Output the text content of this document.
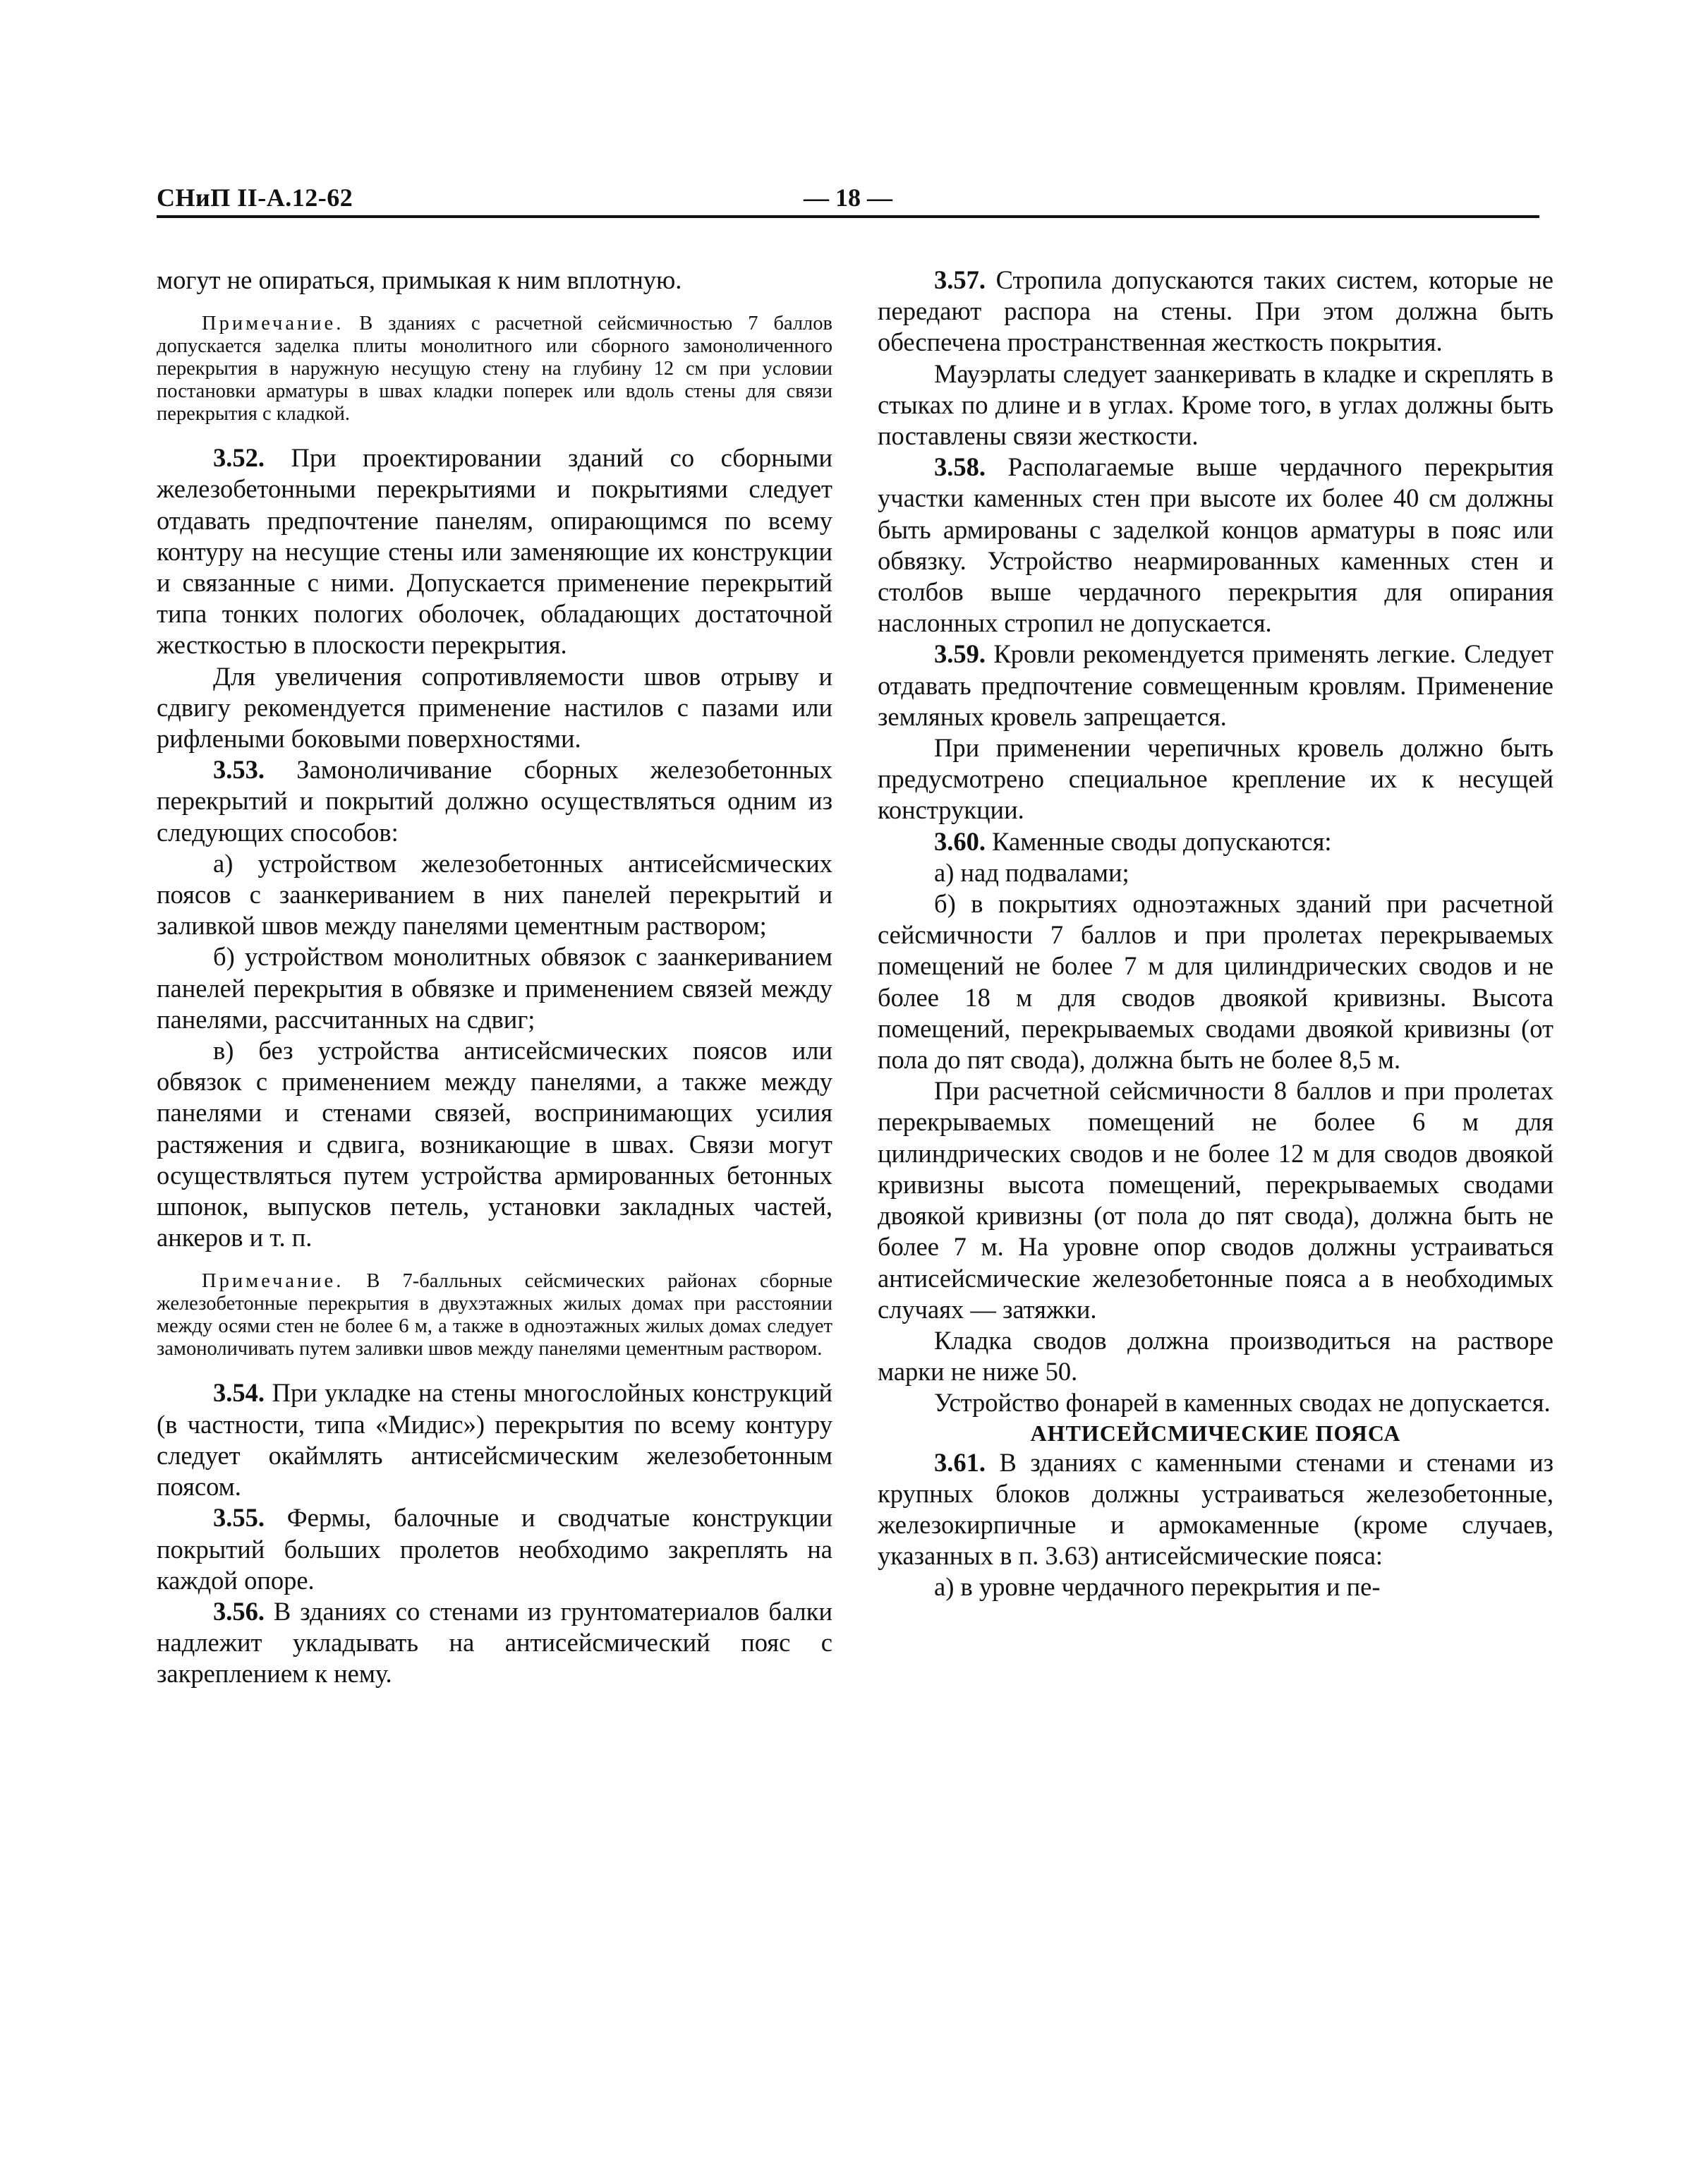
СНиП II-А.12-62	— 18 —

могут не опираться, примыкая к ним вплотную.

Примечание. В зданиях с расчетной сейсмичностью 7 баллов допускается заделка плиты монолитного или сборного замоноличенного перекрытия в наружную несущую стену на глубину 12 см при условии постановки арматуры в швах кладки поперек или вдоль стены для связи перекрытия с кладкой.

3.52. При проектировании зданий со сборными железобетонными перекрытиями и покрытиями следует отдавать предпочтение панелям, опирающимся по всему контуру на несущие стены или заменяющие их конструкции и связанные с ними. Допускается применение перекрытий типа тонких пологих оболочек, обладающих достаточной жесткостью в плоскости перекрытия.

Для увеличения сопротивляемости швов отрыву и сдвигу рекомендуется применение настилов с пазами или рифлеными боковыми поверхностями.

3.53. Замоноличивание сборных железобетонных перекрытий и покрытий должно осуществляться одним из следующих способов:

а) устройством железобетонных антисейсмических поясов с заанкериванием в них панелей перекрытий и заливкой швов между панелями цементным раствором;

б) устройством монолитных обвязок с заанкериванием панелей перекрытия в обвязке и применением связей между панелями, рассчитанных на сдвиг;

в) без устройства антисейсмических поясов или обвязок с применением между панелями, а также между панелями и стенами связей, воспринимающих усилия растяжения и сдвига, возникающие в швах. Связи могут осуществляться путем устройства армированных бетонных шпонок, выпусков петель, установки закладных частей, анкеров и т. п.

Примечание. В 7-балльных сейсмических районах сборные железобетонные перекрытия в двухэтажных жилых домах при расстоянии между осями стен не более 6 м, а также в одноэтажных жилых домах следует замоноличивать путем заливки швов между панелями цементным раствором.

3.54. При укладке на стены многослойных конструкций (в частности, типа «Мидис») перекрытия по всему контуру следует окаймлять антисейсмическим железобетонным поясом.

3.55. Фермы, балочные и сводчатые конструкции покрытий больших пролетов необходимо закреплять на каждой опоре.

3.56. В зданиях со стенами из грунтоматериалов балки надлежит укладывать на антисейсмический пояс с закреплением к нему.

3.57. Стропила допускаются таких систем, которые не передают распора на стены. При этом должна быть обеспечена пространственная жесткость покрытия.

Мауэрлаты следует заанкеривать в кладке и скреплять в стыках по длине и в углах. Кроме того, в углах должны быть поставлены связи жесткости.

3.58. Располагаемые выше чердачного перекрытия участки каменных стен при высоте их более 40 см должны быть армированы с заделкой концов арматуры в пояс или обвязку. Устройство неармированных каменных стен и столбов выше чердачного перекрытия для опирания наслонных стропил не допускается.

3.59. Кровли рекомендуется применять легкие. Следует отдавать предпочтение совмещенным кровлям. Применение земляных кровель запрещается.

При применении черепичных кровель должно быть предусмотрено специальное крепление их к несущей конструкции.

3.60. Каменные своды допускаются:

а) над подвалами;

б) в покрытиях одноэтажных зданий при расчетной сейсмичности 7 баллов и при пролетах перекрываемых помещений не более 7 м для цилиндрических сводов и не более 18 м для сводов двоякой кривизны. Высота помещений, перекрываемых сводами двоякой кривизны (от пола до пят свода), должна быть не более 8,5 м.

При расчетной сейсмичности 8 баллов и при пролетах перекрываемых помещений не более 6 м для цилиндрических сводов и не более 12 м для сводов двоякой кривизны высота помещений, перекрываемых сводами двоякой кривизны (от пола до пят свода), должна быть не более 7 м. На уровне опор сводов должны устраиваться антисейсмические железобетонные пояса а в необходимых случаях — затяжки.

Кладка сводов должна производиться на растворе марки не ниже 50.

Устройство фонарей в каменных сводах не допускается.

АНТИСЕЙСМИЧЕСКИЕ ПОЯСА

3.61. В зданиях с каменными стенами и стенами из крупных блоков должны устраиваться железобетонные, железокирпичные и армокаменные (кроме случаев, указанных в п. 3.63) антисейсмические пояса:

а) в уровне чердачного перекрытия и пе-
